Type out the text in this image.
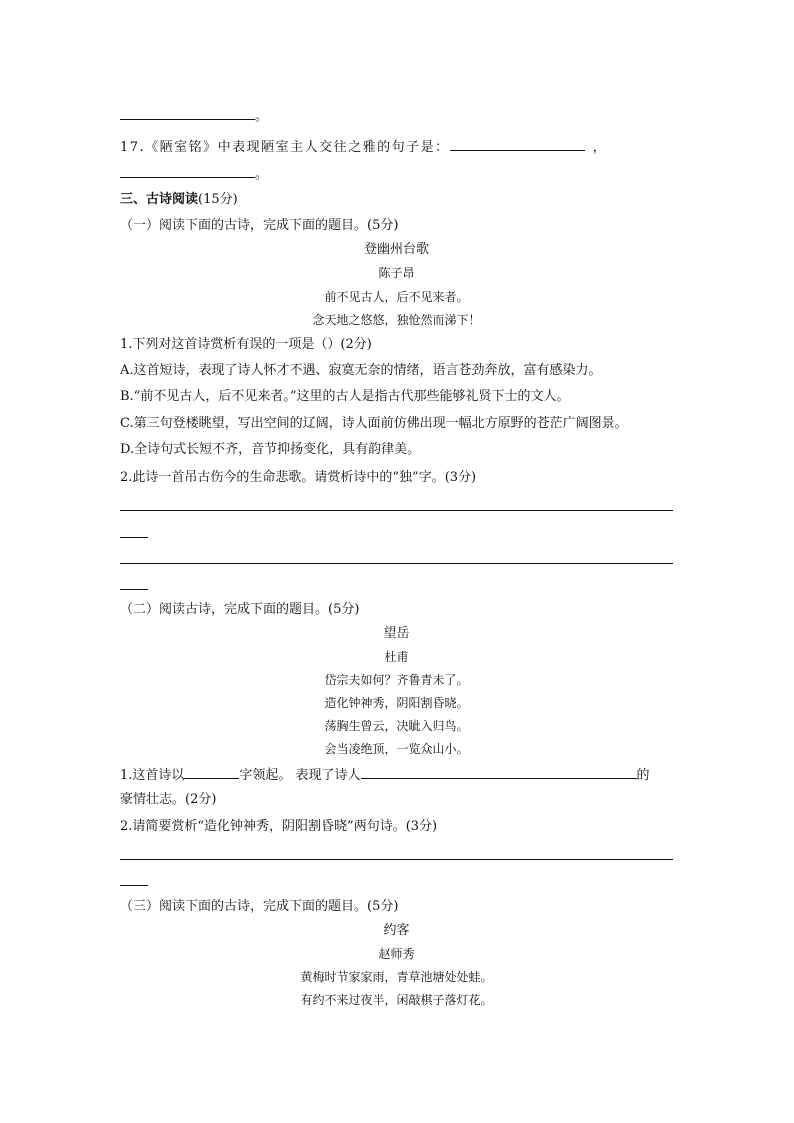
。
17.《陋室铭》中表现陋室主人交往之雅的句子是：	，
。
三、古诗阅读(15分)
（一）阅读下面的古诗，完成下面的题目。(5分)
登幽州台歌
陈子昂
前不见古人，后不见来者。
念天地之悠悠，独怆然而涕下！
1.下列对这首诗赏析有误的一项是（）(2分)
A.这首短诗，表现了诗人怀才不遇、寂寞无奈的情绪，语言苍劲奔放，富有感染力。
B.“前不见古人，后不见来者。”这里的古人是指古代那些能够礼贤下士的文人。
C.第三句登楼眺望，写出空间的辽阔，诗人面前仿佛出现一幅北方原野的苍茫广阔图景。
D.全诗句式长短不齐，音节抑扬变化，具有韵律美。
2.此诗一首吊古伤今的生命悲歌。请赏析诗中的“独”字。(3分)
（二）阅读古诗，完成下面的题目。(5分)
望岳
杜甫
岱宗夫如何？齐鲁青未了。
造化钟神秀，阴阳割昏晓。
荡胸生曾云，决眦入归鸟。
会当凌绝顶，一览众山小。
1.这首诗以	字领起。 表现了诗人	的
豪情壮志。(2分)
2.请简要赏析“造化钟神秀，阴阳割昏晓”两句诗。(3分)
（三）阅读下面的古诗，完成下面的题目。(5分)
约客
赵师秀
黄梅时节家家雨，青草池塘处处蛙。
有约不来过夜半，闲敲棋子落灯花。
